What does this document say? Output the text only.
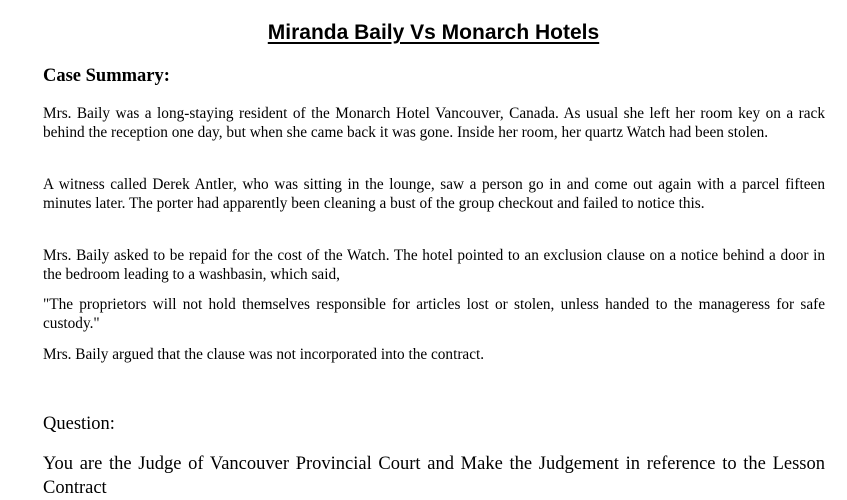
Miranda Baily Vs Monarch Hotels
Case Summary:

Mrs. Baily was a long-staying resident of the Monarch Hotel Vancouver, Canada. As usual she left her room key on a rack behind the reception one day, but when she came back it was gone. Inside her room, her quartz Watch had been stolen.

A witness called Derek Antler, who was sitting in the lounge, saw a person go in and come out again with a parcel fifteen minutes later. The porter had apparently been cleaning a bust of the group checkout and failed to notice this.

Mrs. Baily asked to be repaid for the cost of the Watch. The hotel pointed to an exclusion clause on a notice behind a door in the bedroom leading to a washbasin, which said,

"The proprietors will not hold themselves responsible for articles lost or stolen, unless handed to the manageress for safe custody."

Mrs. Baily argued that the clause was not incorporated into the contract.

Question:

You are the Judge of Vancouver Provincial Court and Make the Judgement in reference to the Lesson Contract
